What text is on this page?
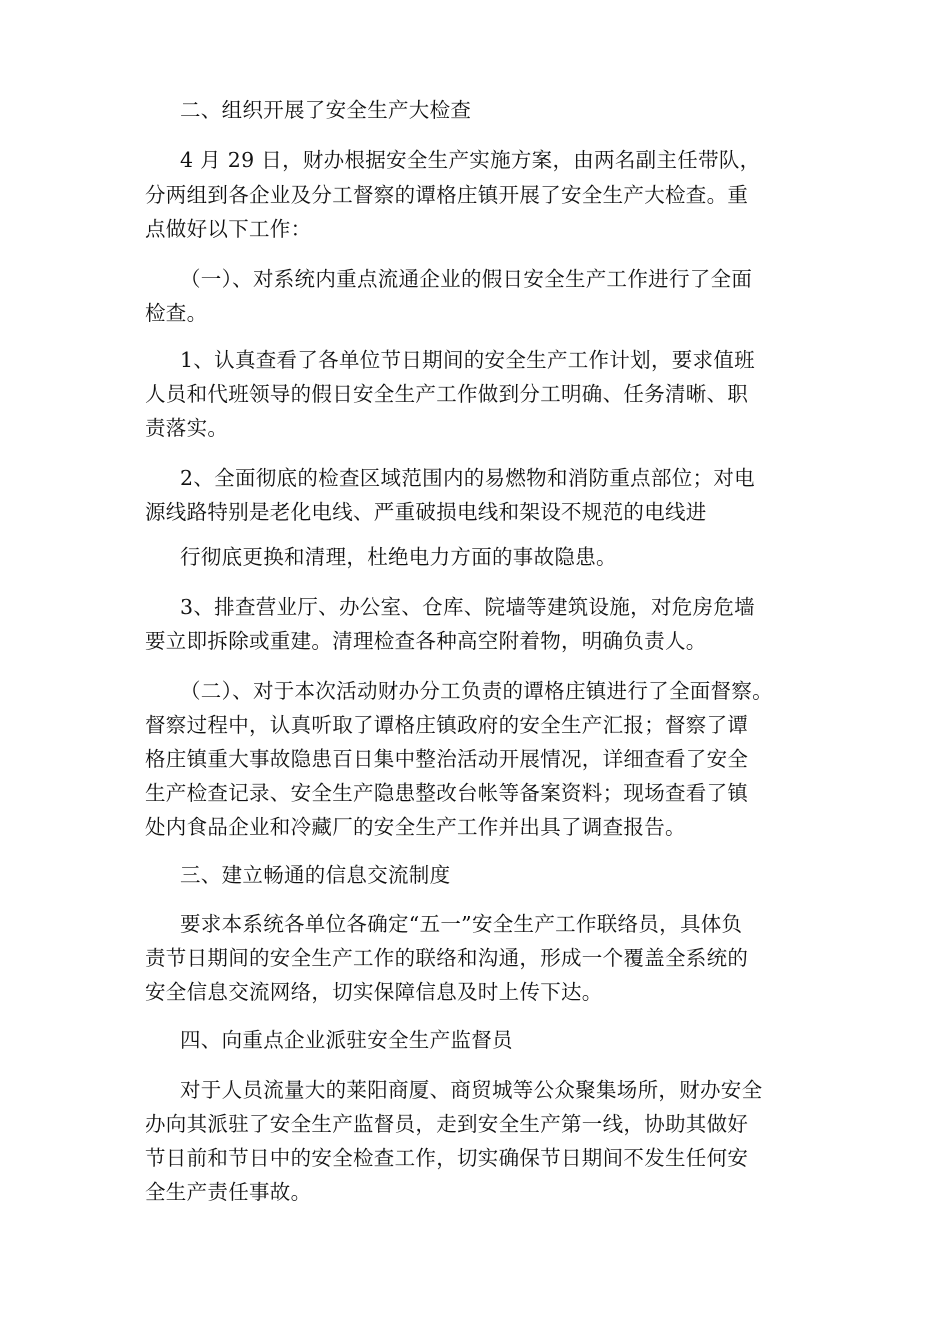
二、组织开展了安全生产大检查
4 月 29 日，财办根据安全生产实施方案，由两名副主任带队，
分两组到各企业及分工督察的谭格庄镇开展了安全生产大检查。重
点做好以下工作：
（一）、对系统内重点流通企业的假日安全生产工作进行了全面
检查。
1、认真查看了各单位节日期间的安全生产工作计划，要求值班
人员和代班领导的假日安全生产工作做到分工明确、任务清晰、职
责落实。
2、全面彻底的检查区域范围内的易燃物和消防重点部位；对电
源线路特别是老化电线、严重破损电线和架设不规范的电线进
行彻底更换和清理，杜绝电力方面的事故隐患。
3、排查营业厅、办公室、仓库、院墙等建筑设施，对危房危墙
要立即拆除或重建。清理检查各种高空附着物，明确负责人。
（二）、对于本次活动财办分工负责的谭格庄镇进行了全面督察。
督察过程中，认真听取了谭格庄镇政府的安全生产汇报；督察了谭
格庄镇重大事故隐患百日集中整治活动开展情况，详细查看了安全
生产检查记录、安全生产隐患整改台帐等备案资料；现场查看了镇
处内食品企业和冷藏厂的安全生产工作并出具了调查报告。
三、建立畅通的信息交流制度
要求本系统各单位各确定“五一”安全生产工作联络员，具体负
责节日期间的安全生产工作的联络和沟通，形成一个覆盖全系统的
安全信息交流网络，切实保障信息及时上传下达。
四、向重点企业派驻安全生产监督员
对于人员流量大的莱阳商厦、商贸城等公众聚集场所，财办安全
办向其派驻了安全生产监督员，走到安全生产第一线，协助其做好
节日前和节日中的安全检查工作，切实确保节日期间不发生任何安
全生产责任事故。
